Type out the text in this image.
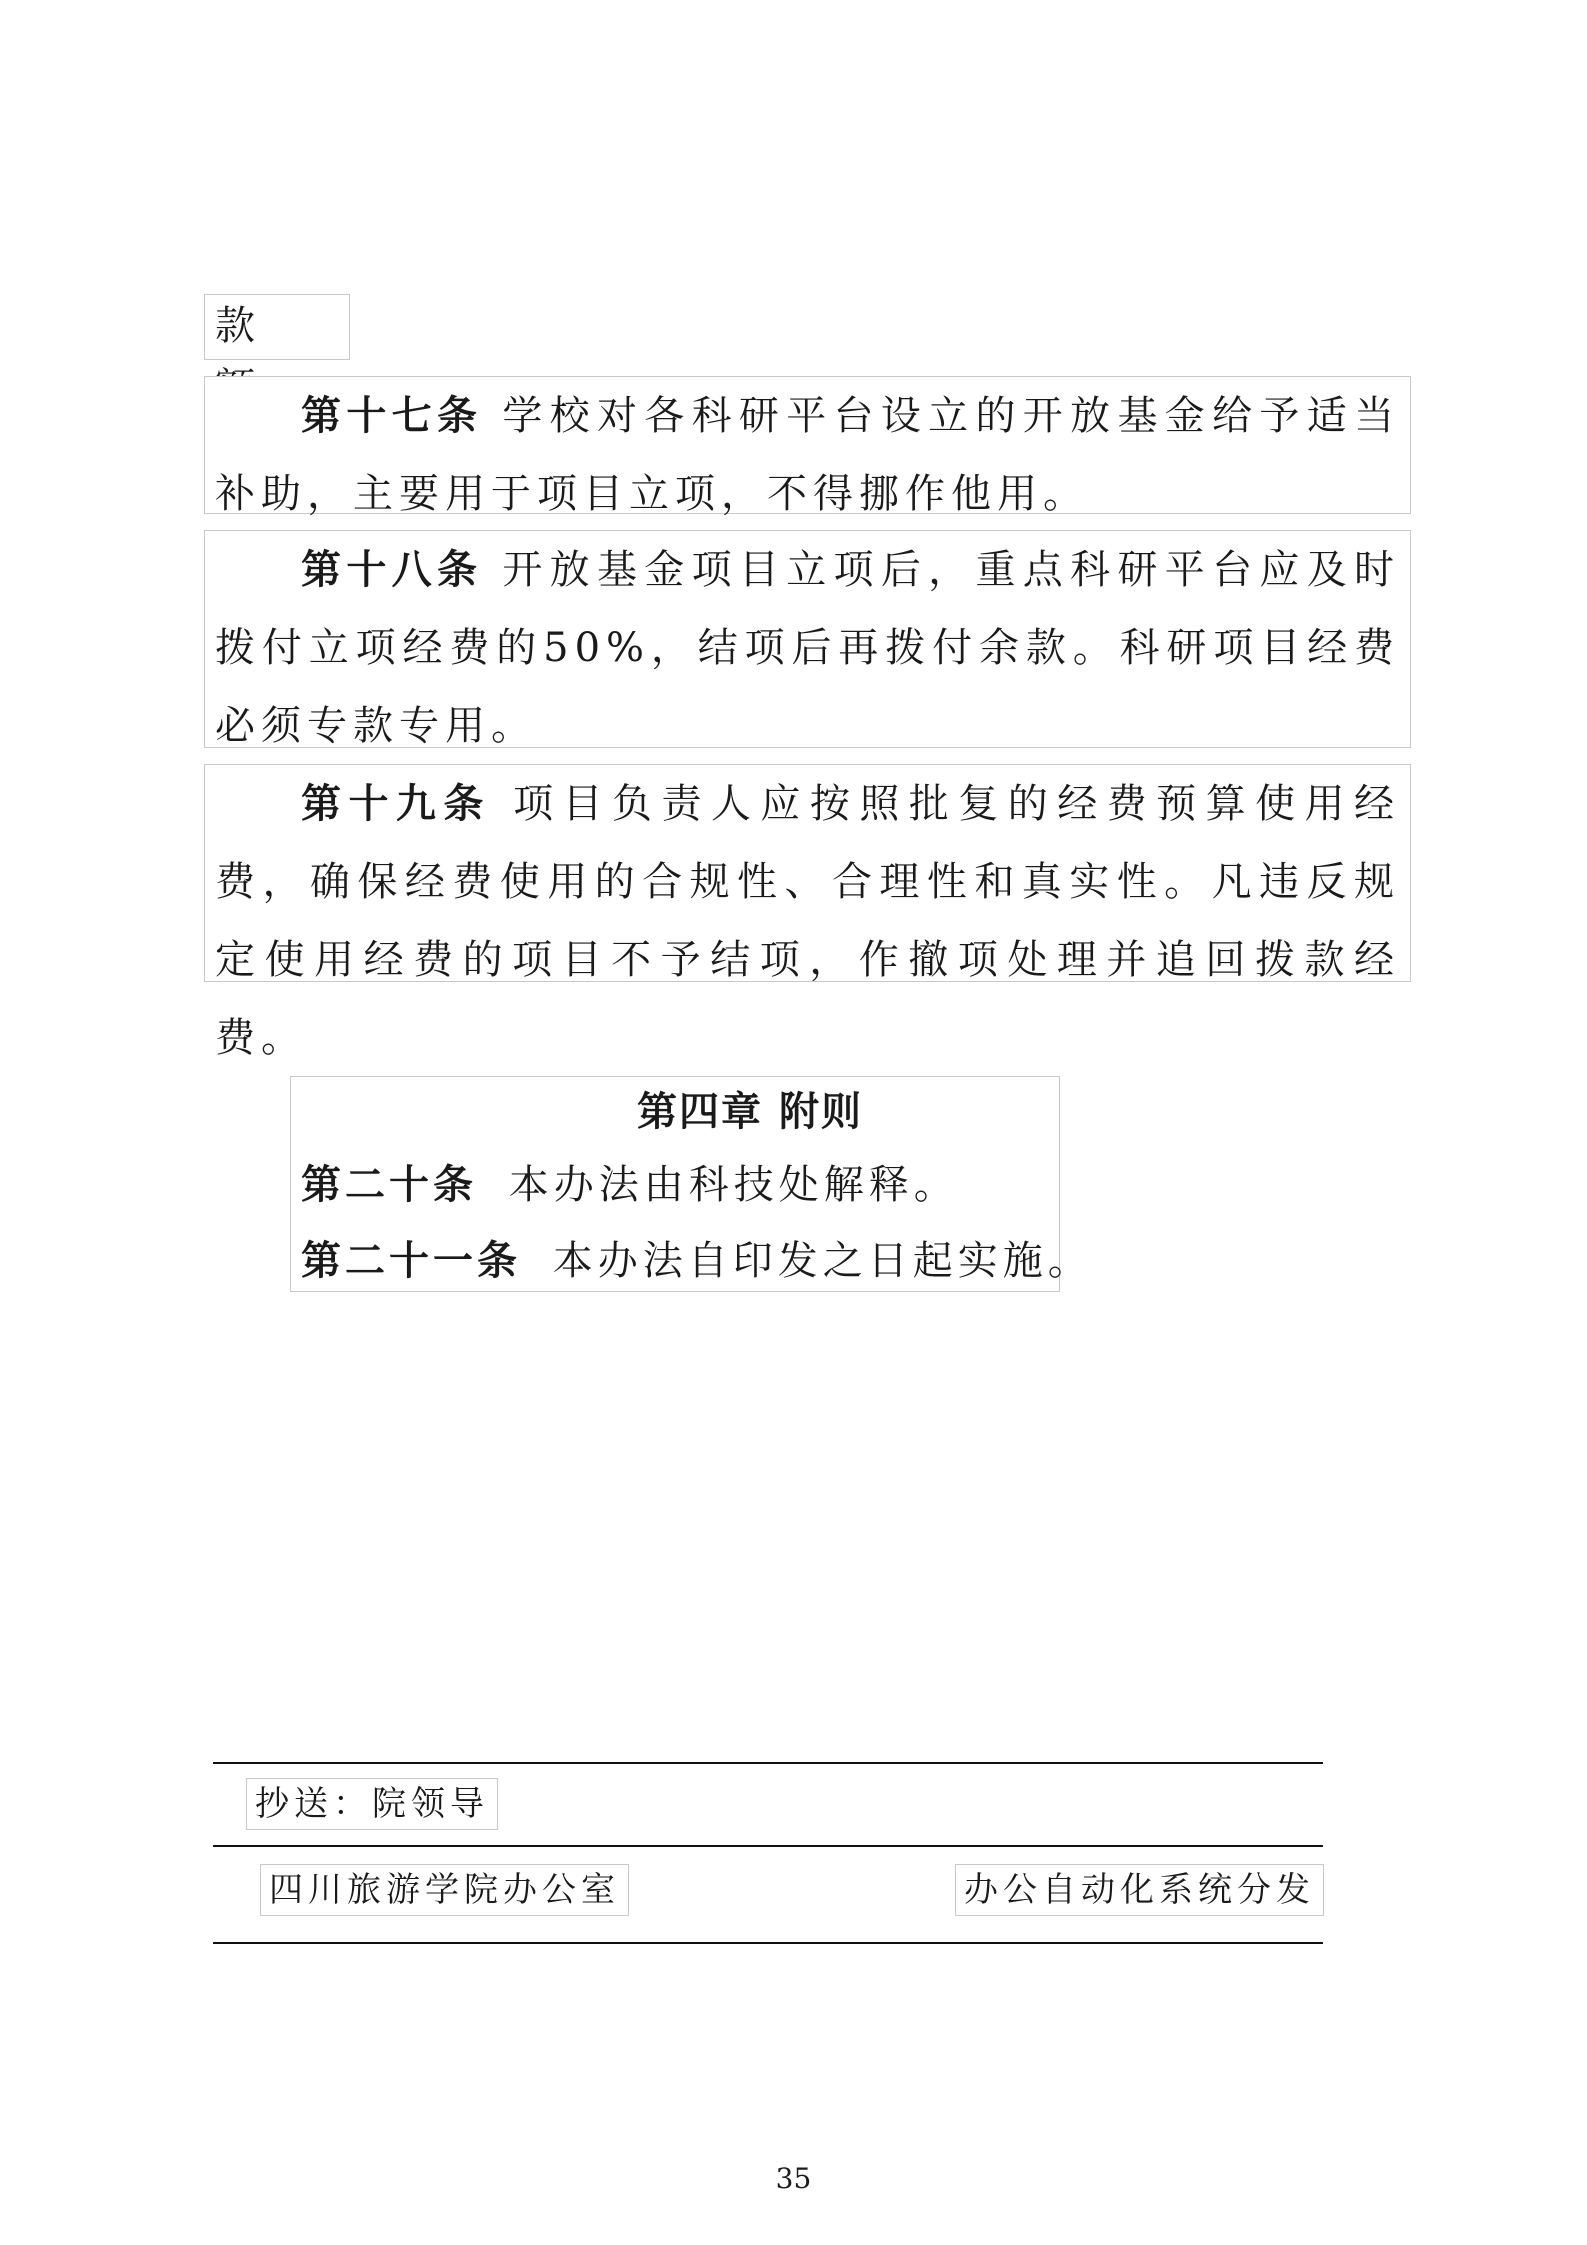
款

第十七条 学校对各科研平台设立的开放基金给予适当补助，主要用于项目立项，不得挪作他用。

第十八条 开放基金项目立项后，重点科研平台应及时拨付立项经费的50%，结项后再拨付余款。科研项目经费必须专款专用。

第十九条 项目负责人应按照批复的经费预算使用经费，确保经费使用的合规性、合理性和真实性。凡违反规定使用经费的项目不予结项，作撤项处理并追回拨款经费。

第四章 附则
第二十条 本办法由科技处解释。
第二十一条 本办法自印发之日起实施。
抄送：院领导
四川旅游学院办公室	办公自动化系统分发
35
